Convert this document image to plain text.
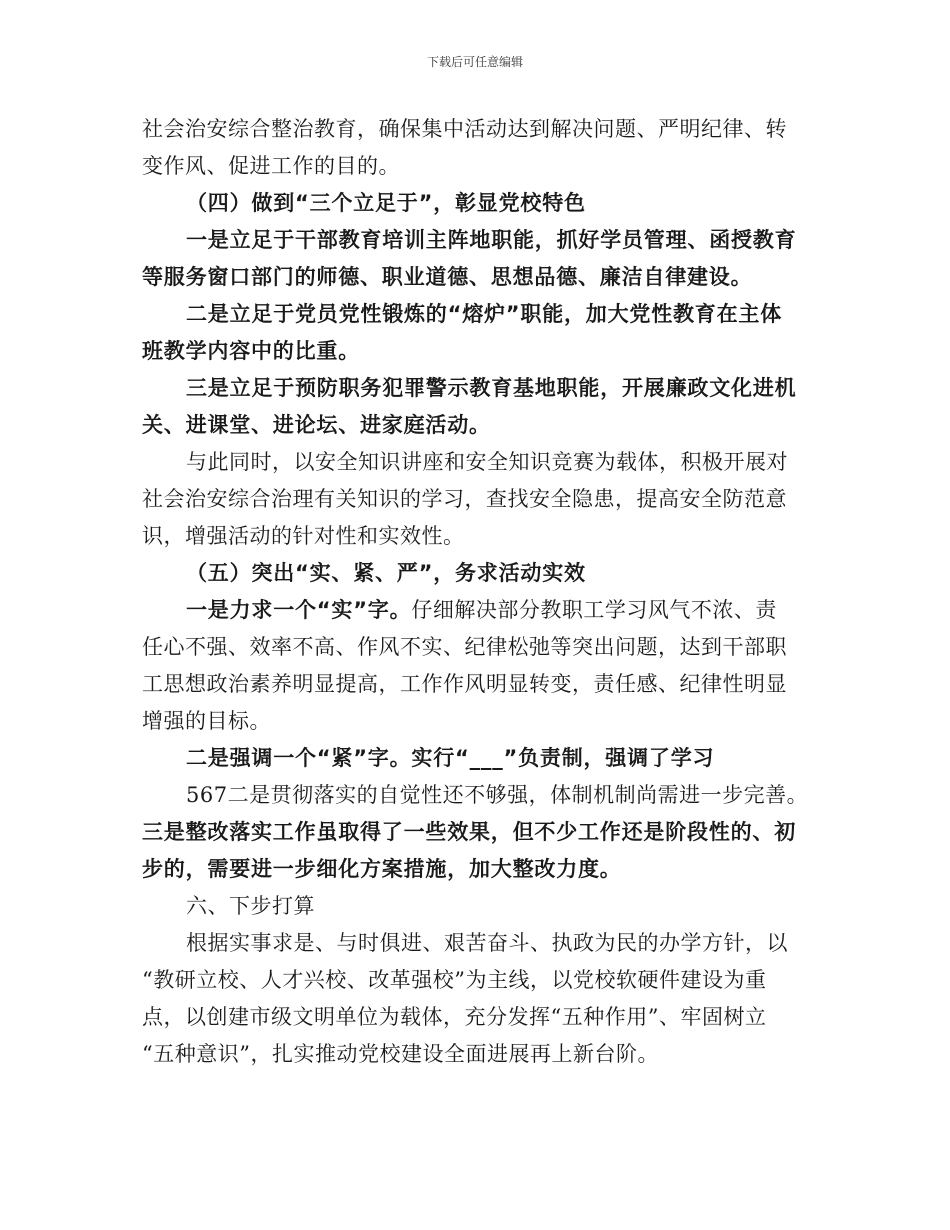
下载后可任意编辑
社会治安综合整治教育，确保集中活动达到解决问题、严明纪律、转
变作风、促进工作的目的。
（四）做到“三个立足于”，彰显党校特色
一是立足于干部教育培训主阵地职能，抓好学员管理、函授教育
等服务窗口部门的师德、职业道德、思想品德、廉洁自律建设。
二是立足于党员党性锻炼的“熔炉”职能，加大党性教育在主体
班教学内容中的比重。
三是立足于预防职务犯罪警示教育基地职能，开展廉政文化进机
关、进课堂、进论坛、进家庭活动。
与此同时，以安全知识讲座和安全知识竞赛为载体，积极开展对
社会治安综合治理有关知识的学习，查找安全隐患，提高安全防范意
识，增强活动的针对性和实效性。
（五）突出“实、紧、严”，务求活动实效
一是力求一个“实”字。仔细解决部分教职工学习风气不浓、责
任心不强、效率不高、作风不实、纪律松弛等突出问题，达到干部职
工思想政治素养明显提高，工作作风明显转变，责任感、纪律性明显
增强的目标。
二是强调一个“紧”字。实行“___”负责制，强调了学习
567二是贯彻落实的自觉性还不够强，体制机制尚需进一步完善。
三是整改落实工作虽取得了一些效果，但不少工作还是阶段性的、初
步的，需要进一步细化方案措施，加大整改力度。
六、下步打算
根据实事求是、与时俱进、艰苦奋斗、执政为民的办学方针，以
“教研立校、人才兴校、改革强校”为主线，以党校软硬件建设为重
点，以创建市级文明单位为载体，充分发挥“五种作用”、牢固树立
“五种意识”，扎实推动党校建设全面进展再上新台阶。
